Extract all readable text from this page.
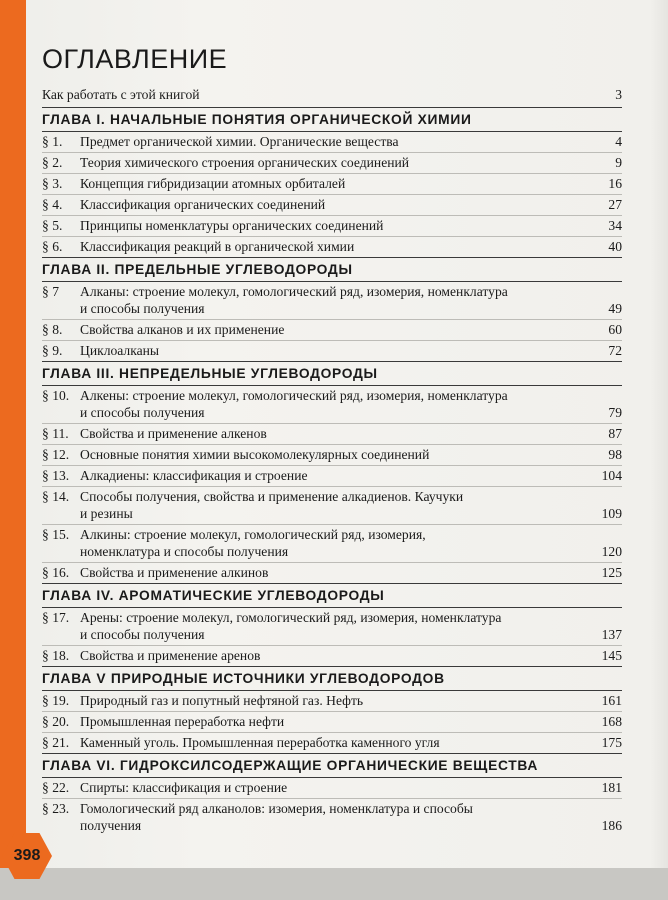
398
ОГЛАВЛЕНИЕ
Как работать с этой книгой	3
ГЛАВА I. НАЧАЛЬНЫЕ ПОНЯТИЯ ОРГАНИЧЕСКОЙ ХИМИИ
§ 1.	Предмет органической химии. Органические вещества	4
§ 2.	Теория химического строения органических соединений	9
§ 3.	Концепция гибридизации атомных орбиталей	16
§ 4.	Классификация органических соединений	27
§ 5.	Принципы номенклатуры органических соединений	34
§ 6.	Классификация реакций в органической химии	40
ГЛАВА II. ПРЕДЕЛЬНЫЕ УГЛЕВОДОРОДЫ
§ 7	Алканы: строение молекул, гомологический ряд, изомерия, номенклатура
и способы получения	49
§ 8.	Свойства алканов и их применение	60
§ 9.	Циклоалканы	72
ГЛАВА III. НЕПРЕДЕЛЬНЫЕ УГЛЕВОДОРОДЫ
§ 10. Алкены: строение молекул, гомологический ряд, изомерия, номенклатура
и способы получения	79
§ 11. Свойства и применение алкенов	87
§ 12. Основные понятия химии высокомолекулярных соединений	98
§ 13. Алкадиены: классификация и строение	104
§ 14. Способы получения, свойства и применение алкадиенов. Каучуки
и резины	109
§ 15. Алкины: строение молекул, гомологический ряд, изомерия,
номенклатура и способы получения	120
§ 16. Свойства и применение алкинов	125
ГЛАВА IV. АРОМАТИЧЕСКИЕ УГЛЕВОДОРОДЫ
§ 17. Арены: строение молекул, гомологический ряд, изомерия, номенклатура
и способы получения	137
§ 18. Свойства и применение аренов	145
ГЛАВА V ПРИРОДНЫЕ ИСТОЧНИКИ УГЛЕВОДОРОДОВ
§ 19. Природный газ и попутный нефтяной газ. Нефть	161
§ 20. Промышленная переработка нефти	168
§ 21. Каменный уголь. Промышленная переработка каменного угля	175
ГЛАВА VI. ГИДРОКСИЛСОДЕРЖАЩИЕ ОРГАНИЧЕСКИЕ ВЕЩЕСТВА
§ 22. Спирты: классификация и строение	181
§ 23. Гомологический ряд алканолов: изомерия, номенклатура и способы
получения	186
